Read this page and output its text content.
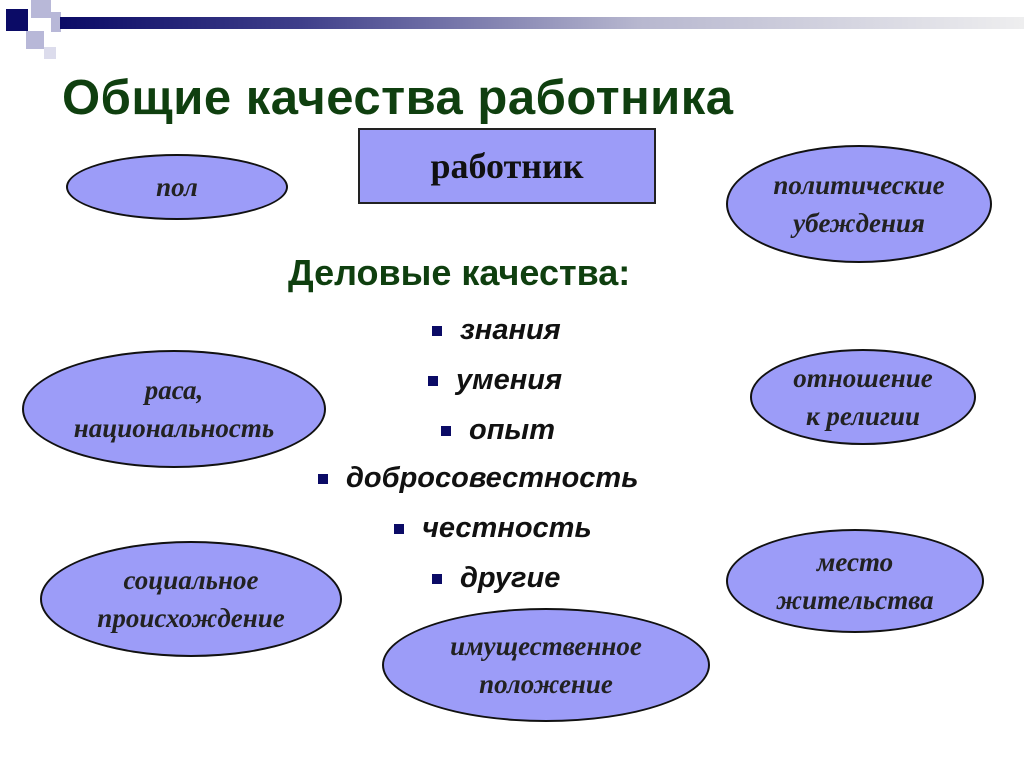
Общие качества работника
работник
пол	политические
убеждения
раса,
национальность
отношение
к религии
социальное
происхождение
место
жительства
имущественное
положение
Деловые качества:
знания
умения
опыт
добросовестность
честность
другие
